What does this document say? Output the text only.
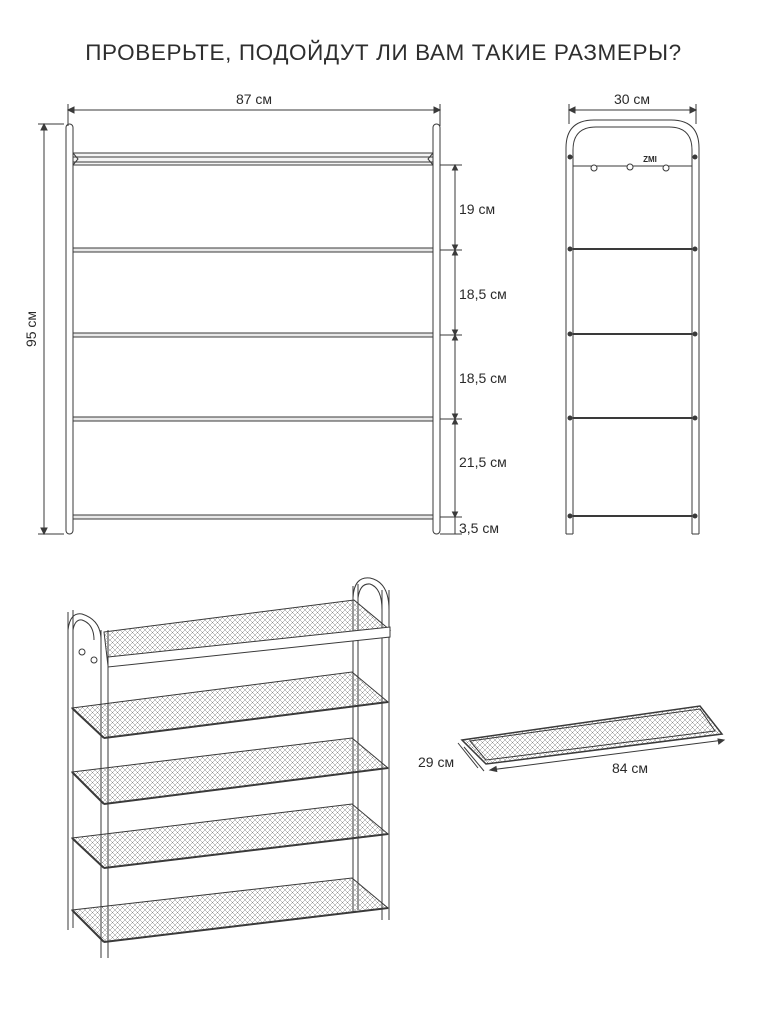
ПРОВЕРЬТЕ, ПОДОЙДУТ ЛИ ВАМ ТАКИЕ РАЗМЕРЫ?
87 см
95 см
19 см
18,5 см
18,5 см
21,5 см
3,5 см
30 см
ZMI
29 см	84 см
